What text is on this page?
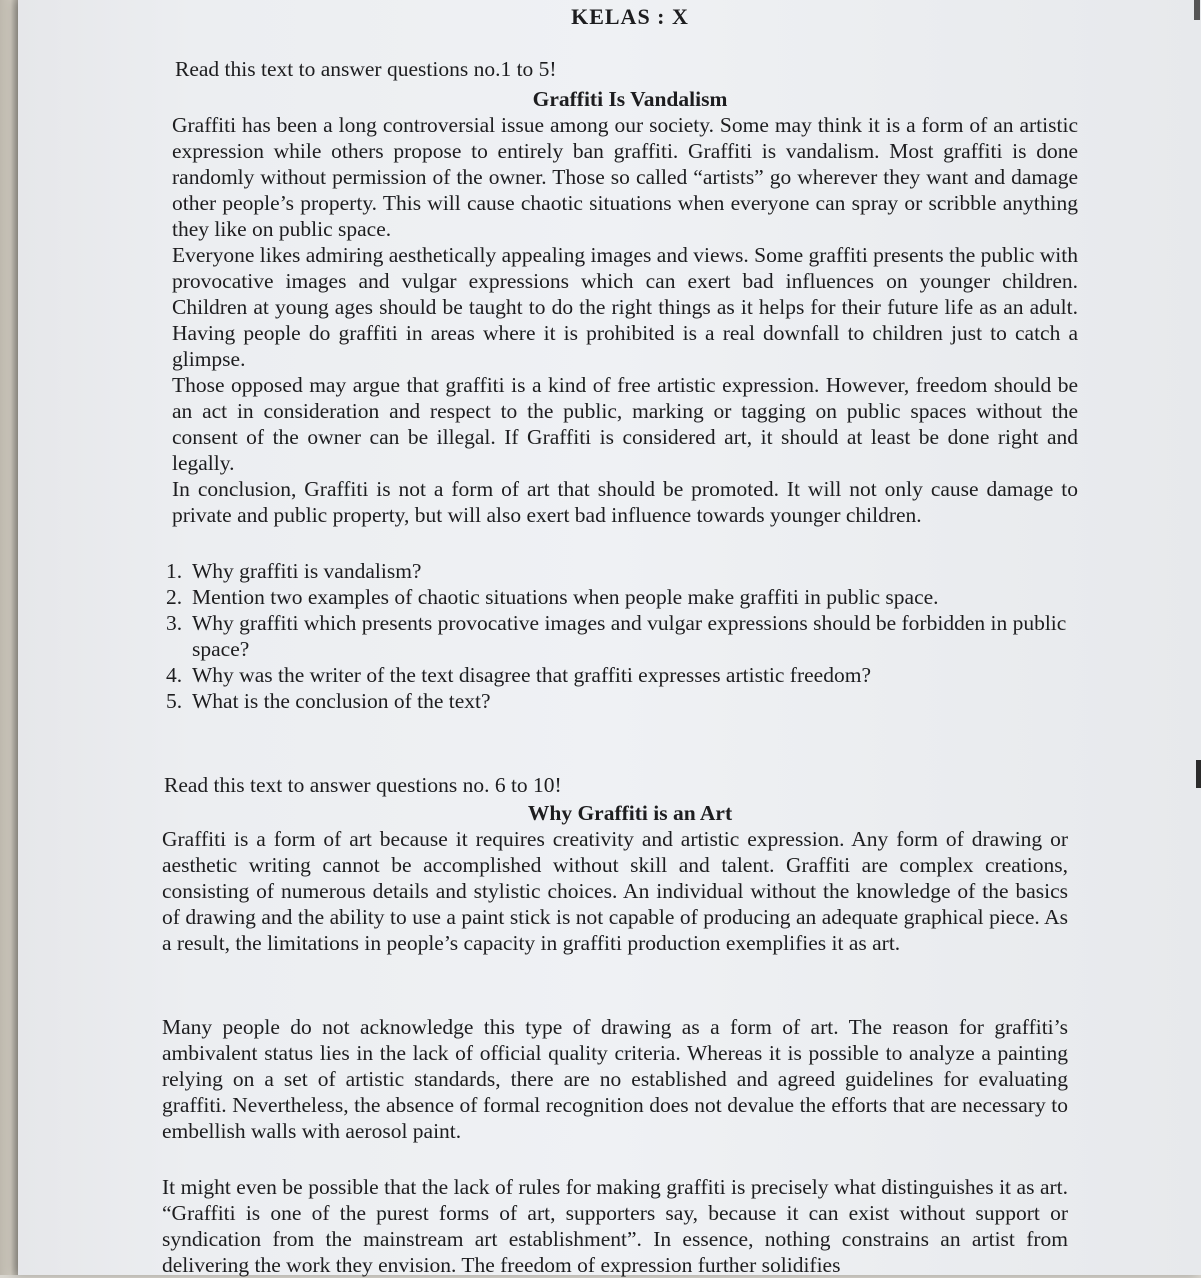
KELAS : X
Read this text to answer questions no.1 to 5!
Graffiti Is Vandalism
Graffiti has been a long controversial issue among our society. Some may think it is a form of an artistic expression while others propose to entirely ban graffiti. Graffiti is vandalism. Most graffiti is done randomly without permission of the owner. Those so called “artists” go wherever they want and damage other people’s property. This will cause chaotic situations when everyone can spray or scribble anything they like on public space.
Everyone likes admiring aesthetically appealing images and views. Some graffiti presents the public with provocative images and vulgar expressions which can exert bad influences on younger children. Children at young ages should be taught to do the right things as it helps for their future life as an adult. Having people do graffiti in areas where it is prohibited is a real downfall to children just to catch a glimpse.
Those opposed may argue that graffiti is a kind of free artistic expression. However, freedom should be an act in consideration and respect to the public, marking or tagging on public spaces without the consent of the owner can be illegal. If Graffiti is considered art, it should at least be done right and legally.
In conclusion, Graffiti is not a form of art that should be promoted. It will not only cause damage to private and public property, but will also exert bad influence towards younger children.
1. Why graffiti is vandalism?
2. Mention two examples of chaotic situations when people make graffiti in public space.
3. Why graffiti which presents provocative images and vulgar expressions should be forbidden in public space?
4. Why was the writer of the text disagree that graffiti expresses artistic freedom?
5. What is the conclusion of the text?
Read this text to answer questions no. 6 to 10!
Why Graffiti is an Art
Graffiti is a form of art because it requires creativity and artistic expression. Any form of drawing or aesthetic writing cannot be accomplished without skill and talent. Graffiti are complex creations, consisting of numerous details and stylistic choices. An individual without the knowledge of the basics of drawing and the ability to use a paint stick is not capable of producing an adequate graphical piece. As a result, the limitations in people’s capacity in graffiti production exemplifies it as art.
Many people do not acknowledge this type of drawing as a form of art. The reason for graffiti’s ambivalent status lies in the lack of official quality criteria. Whereas it is possible to analyze a painting relying on a set of artistic standards, there are no established and agreed guidelines for evaluating graffiti. Nevertheless, the absence of formal recognition does not devalue the efforts that are necessary to embellish walls with aerosol paint.
It might even be possible that the lack of rules for making graffiti is precisely what distinguishes it as art. “Graffiti is one of the purest forms of art, supporters say, because it can exist without support or syndication from the mainstream art establishment”. In essence, nothing constrains an artist from delivering the work they envision. The freedom of expression further solidifies
